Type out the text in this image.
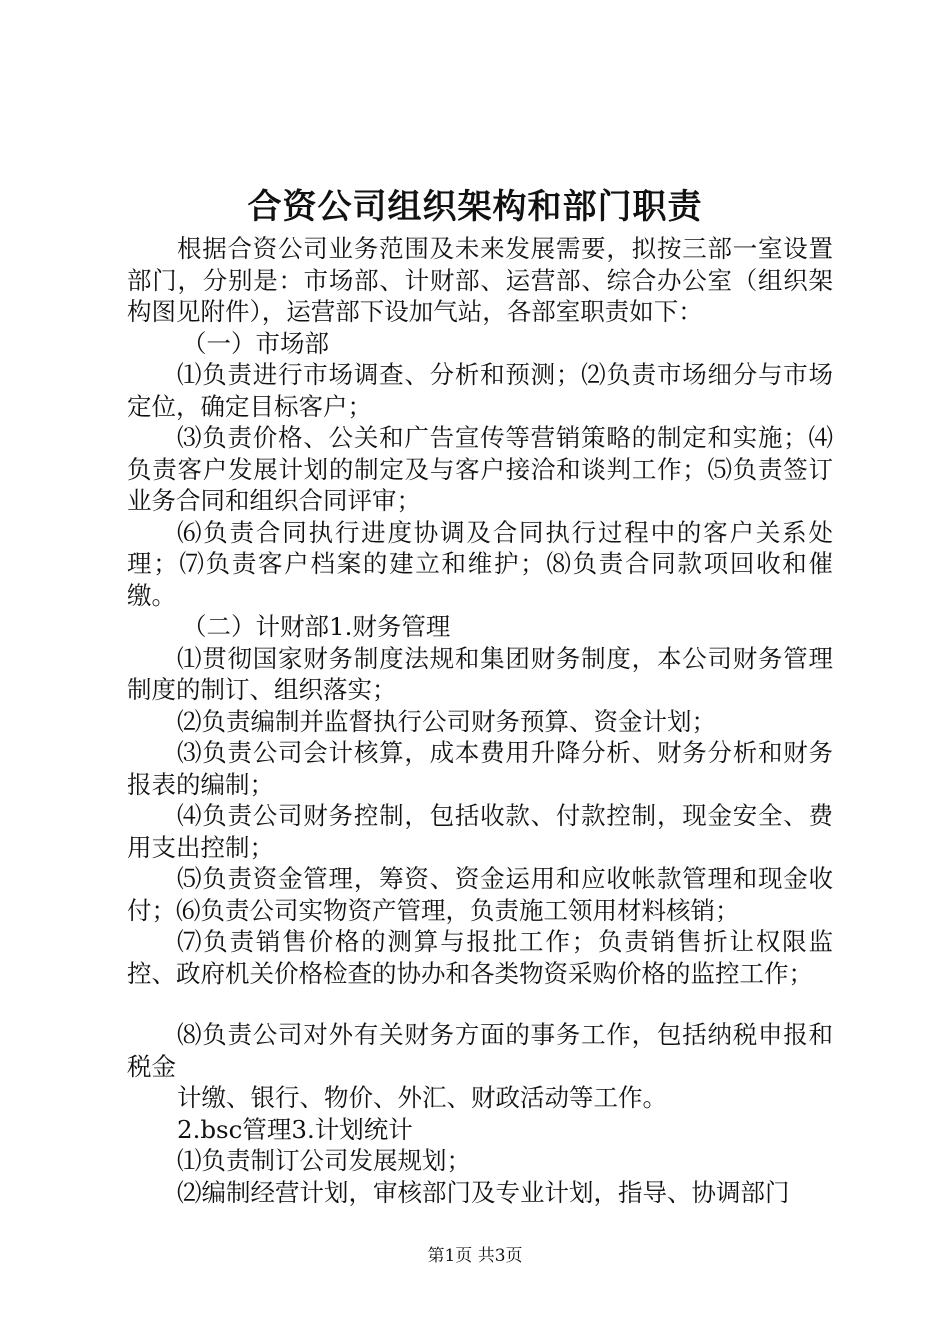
合资公司组织架构和部门职责

根据合资公司业务范围及未来发展需要，拟按三部一室设置部门，分别是：市场部、计财部、运营部、综合办公室（组织架构图见附件），运营部下设加气站，各部室职责如下：

（一）市场部

⑴负责进行市场调查、分析和预测；⑵负责市场细分与市场定位，确定目标客户；

⑶负责价格、公关和广告宣传等营销策略的制定和实施；⑷负责客户发展计划的制定及与客户接洽和谈判工作；⑸负责签订业务合同和组织合同评审；

⑹负责合同执行进度协调及合同执行过程中的客户关系处理；⑺负责客户档案的建立和维护；⑻负责合同款项回收和催缴。

（二）计财部1.财务管理

⑴贯彻国家财务制度法规和集团财务制度，本公司财务管理制度的制订、组织落实；

⑵负责编制并监督执行公司财务预算、资金计划；

⑶负责公司会计核算，成本费用升降分析、财务分析和财务报表的编制；

⑷负责公司财务控制，包括收款、付款控制，现金安全、费用支出控制；

⑸负责资金管理，筹资、资金运用和应收帐款管理和现金收付；⑹负责公司实物资产管理，负责施工领用材料核销；

⑺负责销售价格的测算与报批工作；负责销售折让权限监控、政府机关价格检查的协办和各类物资采购价格的监控工作；

⑻负责公司对外有关财务方面的事务工作，包括纳税申报和税金

计缴、银行、物价、外汇、财政活动等工作。

2.bsc管理3.计划统计

⑴负责制订公司发展规划；

⑵编制经营计划，审核部门及专业计划，指导、协调部门

第1页 共3页
